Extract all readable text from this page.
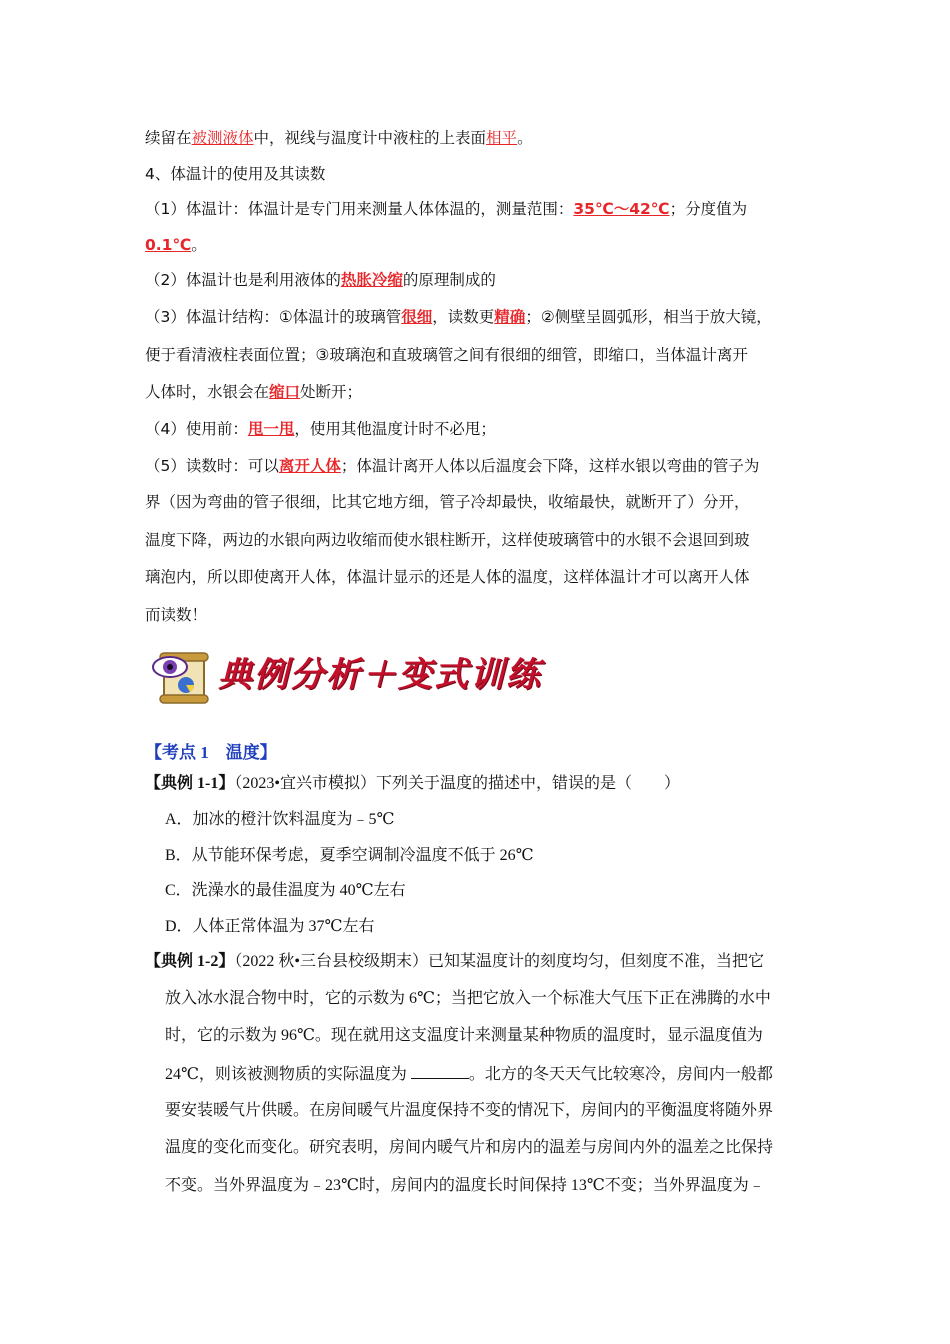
续留在被测液体中，视线与温度计中液柱的上表面相平。
4、体温计的使用及其读数
（1）体温计：体温计是专门用来测量人体体温的，测量范围：35℃～42℃；分度值为
0.1℃。
（2）体温计也是利用液体的热胀冷缩的原理制成的
（3）体温计结构：①体温计的玻璃管很细，读数更精确；②侧壁呈圆弧形，相当于放大镜，
便于看清液柱表面位置；③玻璃泡和直玻璃管之间有很细的细管，即缩口，当体温计离开
人体时，水银会在缩口处断开；
（4）使用前：甩一甩，使用其他温度计时不必甩；
（5）读数时：可以离开人体；体温计离开人体以后温度会下降，这样水银以弯曲的管子为
界（因为弯曲的管子很细，比其它地方细，管子冷却最快，收缩最快，就断开了）分开，
温度下降，两边的水银向两边收缩而使水银柱断开，这样使玻璃管中的水银不会退回到玻
璃泡内，所以即使离开人体，体温计显示的还是人体的温度，这样体温计才可以离开人体
而读数！
典例分析＋变式训练
【考点 1　温度】
【典例 1-1】（2023•宜兴市模拟）下列关于温度的描述中，错误的是（　　）
A．加冰的橙汁饮料温度为﹣5℃
B．从节能环保考虑，夏季空调制冷温度不低于 26℃
C．洗澡水的最佳温度为 40℃左右
D．人体正常体温为 37℃左右
【典例 1-2】（2022 秋•三台县校级期末）已知某温度计的刻度均匀，但刻度不准，当把它
放入冰水混合物中时，它的示数为 6℃；当把它放入一个标准大气压下正在沸腾的水中
时，它的示数为 96℃。现在就用这支温度计来测量某种物质的温度时，显示温度值为
24℃，则该被测物质的实际温度为	。北方的冬天天气比较寒冷，房间内一般都
要安装暖气片供暖。在房间暖气片温度保持不变的情况下，房间内的平衡温度将随外界
温度的变化而变化。研究表明，房间内暖气片和房内的温差与房间内外的温差之比保持
不变。当外界温度为﹣23℃时，房间内的温度长时间保持 13℃不变；当外界温度为﹣
